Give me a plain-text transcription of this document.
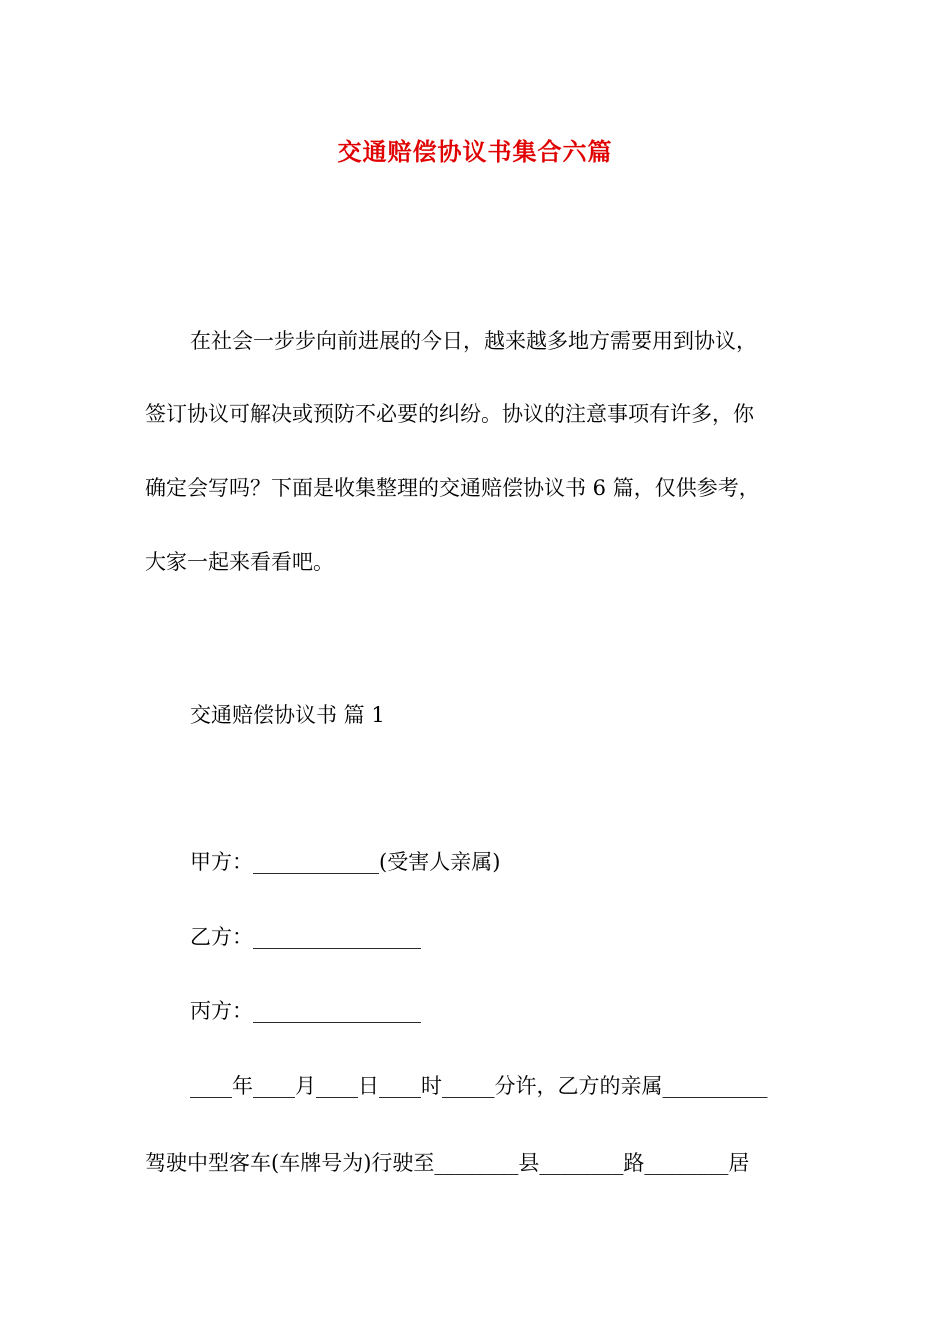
交通赔偿协议书集合六篇
在社会一步步向前进展的今日，越来越多地方需要用到协议，
签订协议可解决或预防不必要的纠纷。协议的注意事项有许多，你
确定会写吗？下面是收集整理的交通赔偿协议书 6 篇，仅供参考，
大家一起来看看吧。
交通赔偿协议书 篇 1
甲方：____________(受害人亲属)
乙方：________________
丙方：________________
____年____月____日____时_____分许，乙方的亲属__________
驾驶中型客车(车牌号为)行驶至________县________路________居
